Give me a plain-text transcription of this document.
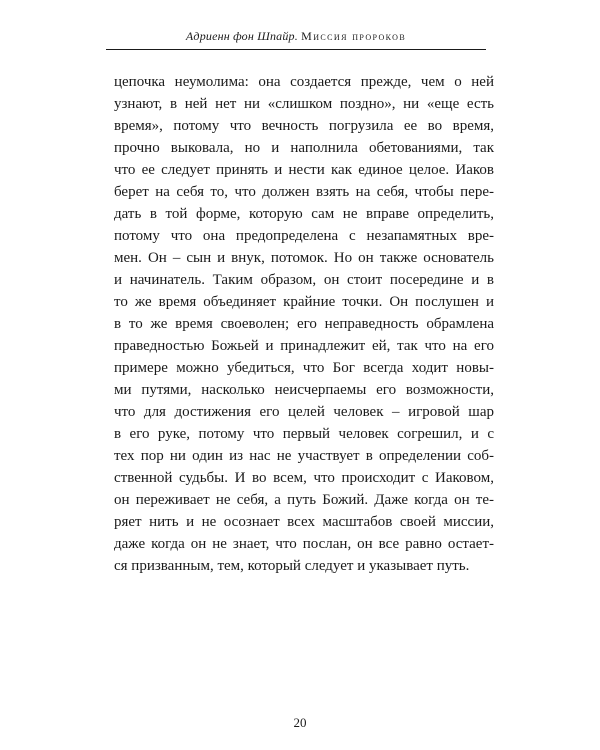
Адриенн фон Шпайр. Миссия пророков
цепочка неумолима: она создается прежде, чем о ней
узнают, в ней нет ни «слишком поздно», ни «еще есть
время», потому что вечность погрузила ее во время,
прочно выковала, но и наполнила обетованиями, так
что ее следует принять и нести как единое целое. Иаков
берет на себя то, что должен взять на себя, чтобы пере-
дать в той форме, которую сам не вправе определить,
потому что она предопределена с незапамятных вре-
мен. Он – сын и внук, потомок. Но он также основатель
и начинатель. Таким образом, он стоит посередине и в
то же время объединяет крайние точки. Он послушен и
в то же время своеволен; его неправедность обрамлена
праведностью Божьей и принадлежит ей, так что на его
примере можно убедиться, что Бог всегда ходит новы-
ми путями, насколько неисчерпаемы его возможности,
что для достижения его целей человек – игровой шар
в его руке, потому что первый человек согрешил, и с
тех пор ни один из нас не участвует в определении соб-
ственной судьбы. И во всем, что происходит с Иаковом,
он переживает не себя, а путь Божий. Даже когда он те-
ряет нить и не осознает всех масштабов своей миссии,
даже когда он не знает, что послан, он все равно остает-
ся призванным, тем, который следует и указывает путь.
20
